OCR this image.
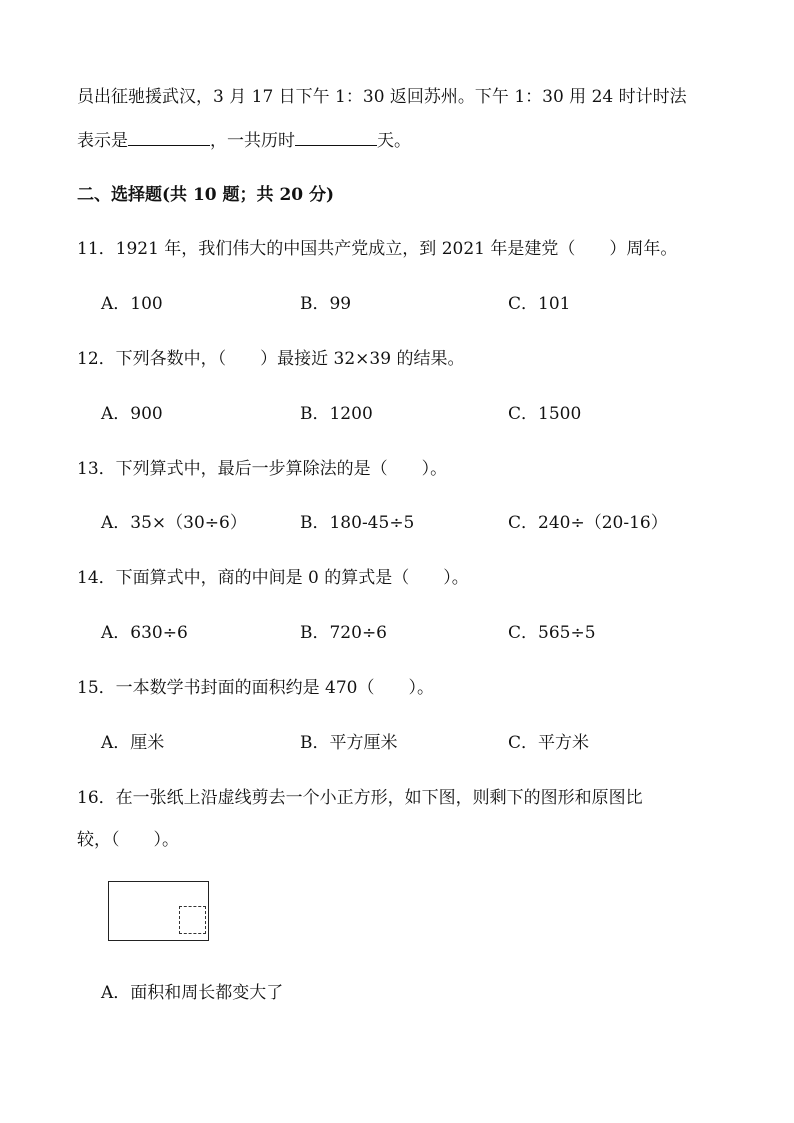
员出征驰援武汉，3 月 17 日下午 1：30 返回苏州。下午 1：30 用 24 时计时法
表示是	，一共历时	天。
二、选择题(共 10 题；共 20 分)
11．1921 年，我们伟大的中国共产党成立，到 2021 年是建党（　　）周年。
A．100	B．99	C．101
12．下列各数中，（　　）最接近 32×39 的结果。
A．900	B．1200	C．1500
13．下列算式中，最后一步算除法的是（　　）。
A．35×（30÷6）	B．180-45÷5	C．240÷（20-16）
14．下面算式中，商的中间是 0 的算式是（　　）。
A．630÷6	B．720÷6	C．565÷5
15．一本数学书封面的面积约是 470（　　）。
A．厘米	B．平方厘米	C．平方米
16．在一张纸上沿虚线剪去一个小正方形，如下图，则剩下的图形和原图比
较，（　　）。
A．面积和周长都变大了
